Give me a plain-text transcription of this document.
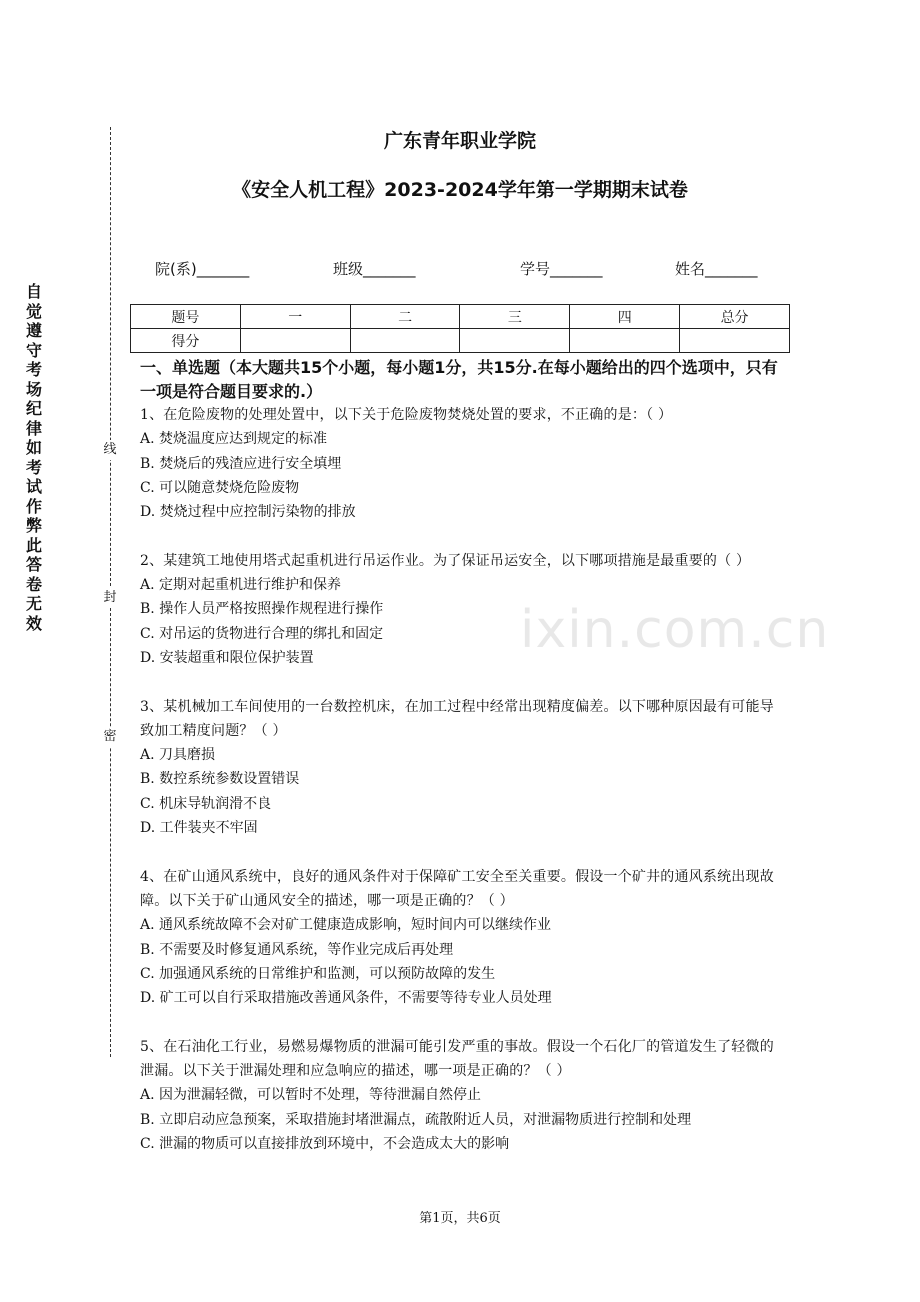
自觉遵守考场纪律如考试作弊此答卷无效
线
封
密
广东青年职业学院
《安全人机工程》2023-2024学年第一学期期末试卷
院(系)_______	班级_______	学号_______	姓名_______
题号	一	二	三	四	总分
得分					
一、单选题（本大题共15个小题，每小题1分，共15分.在每小题给出的四个选项中，只有一项是符合题目要求的.）
1、在危险废物的处理处置中，以下关于危险废物焚烧处置的要求，不正确的是：（ ）
A. 焚烧温度应达到规定的标准
B. 焚烧后的残渣应进行安全填埋
C. 可以随意焚烧危险废物
D. 焚烧过程中应控制污染物的排放
2、某建筑工地使用塔式起重机进行吊运作业。为了保证吊运安全，以下哪项措施是最重要的（ ）
A. 定期对起重机进行维护和保养
B. 操作人员严格按照操作规程进行操作
C. 对吊运的货物进行合理的绑扎和固定
D. 安装超重和限位保护装置
3、某机械加工车间使用的一台数控机床，在加工过程中经常出现精度偏差。以下哪种原因最有可能导致加工精度问题？（ ）
A. 刀具磨损
B. 数控系统参数设置错误
C. 机床导轨润滑不良
D. 工件装夹不牢固
4、在矿山通风系统中，良好的通风条件对于保障矿工安全至关重要。假设一个矿井的通风系统出现故障。以下关于矿山通风安全的描述，哪一项是正确的？（ ）
A. 通风系统故障不会对矿工健康造成影响，短时间内可以继续作业
B. 不需要及时修复通风系统，等作业完成后再处理
C. 加强通风系统的日常维护和监测，可以预防故障的发生
D. 矿工可以自行采取措施改善通风条件，不需要等待专业人员处理
5、在石油化工行业，易燃易爆物质的泄漏可能引发严重的事故。假设一个石化厂的管道发生了轻微的泄漏。以下关于泄漏处理和应急响应的描述，哪一项是正确的？（ ）
A. 因为泄漏轻微，可以暂时不处理，等待泄漏自然停止
B. 立即启动应急预案，采取措施封堵泄漏点，疏散附近人员，对泄漏物质进行控制和处理
C. 泄漏的物质可以直接排放到环境中，不会造成太大的影响
ixin.com.cn
第1页，共6页
